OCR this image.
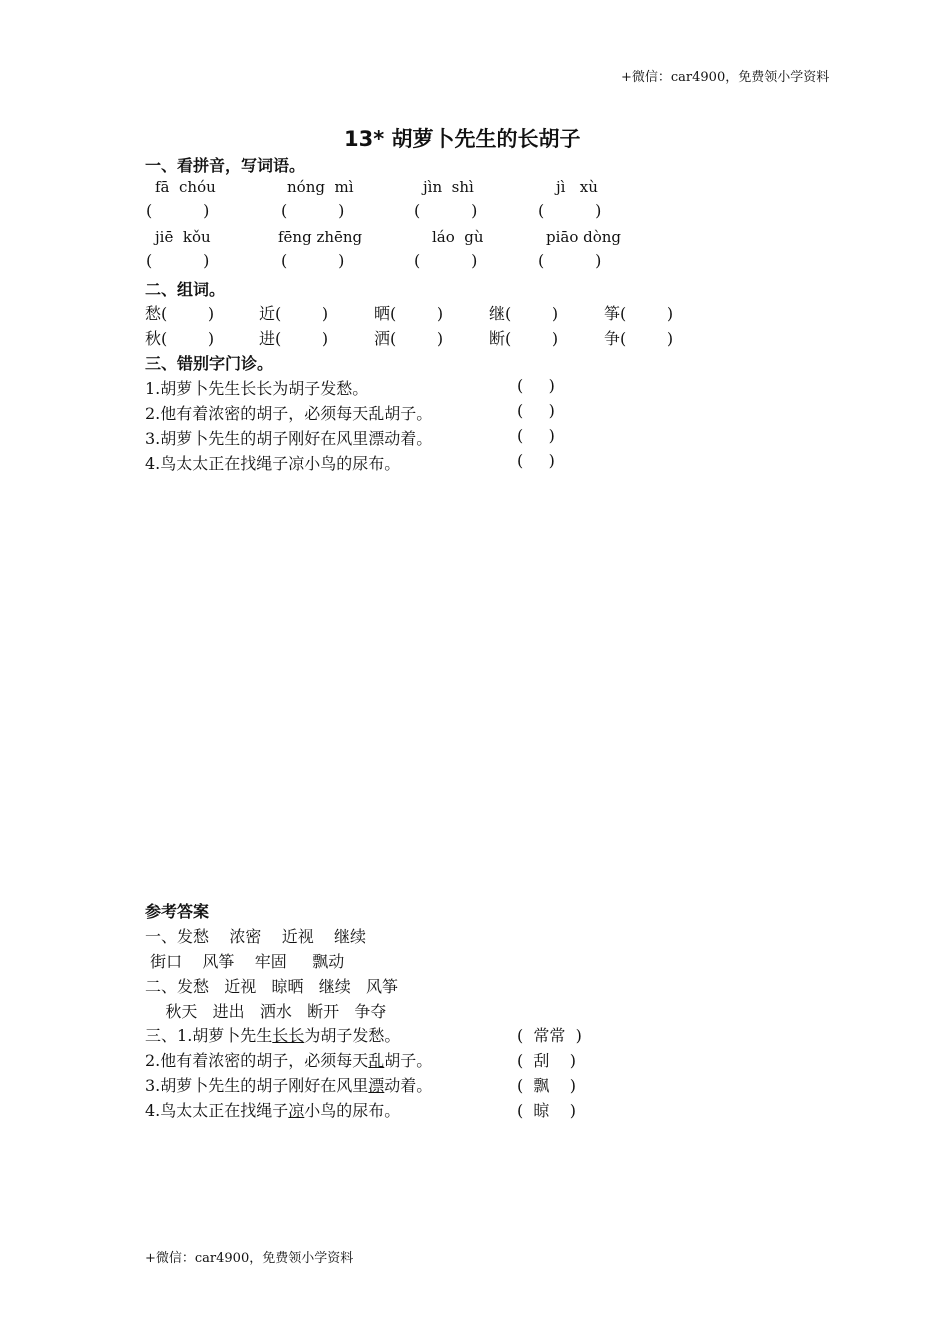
+微信：car4900，免费领小学资料
13* 胡萝卜先生的长胡子
一、看拼音，写词语。
fā  chóu	nóng  mì	jìn  shì	jì   xù
(          )	(          )	(          )	(          )
jiē  kǒu	fēng zhēng	láo  gù	piāo dòng
(          )	(          )	(          )	(          )
二、组词。
愁(        )	近(        )	晒(        )	继(        )	筝(        )
秋(        )	进(        )	洒(        )	断(        )	争(        )
三、错别字门诊。
1.胡萝卜先生长长为胡子发愁。	(     )
2.他有着浓密的胡子，必须每天乱胡子。	(     )
3.胡萝卜先生的胡子刚好在风里漂动着。	(     )
4.鸟太太正在找绳子凉小鸟的尿布。	(     )
参考答案
一、发愁    浓密    近视    继续
街口    风筝    牢固     飘动
二、发愁   近视   晾晒   继续   风筝
秋天   进出   洒水   断开   争夺
三、1.胡萝卜先生长长为胡子发愁。	(  常常  )
2.他有着浓密的胡子，必须每天乱胡子。	(  刮    )
3.胡萝卜先生的胡子刚好在风里漂动着。	(  飘    )
4.鸟太太正在找绳子凉小鸟的尿布。	(  晾    )
+微信：car4900，免费领小学资料
